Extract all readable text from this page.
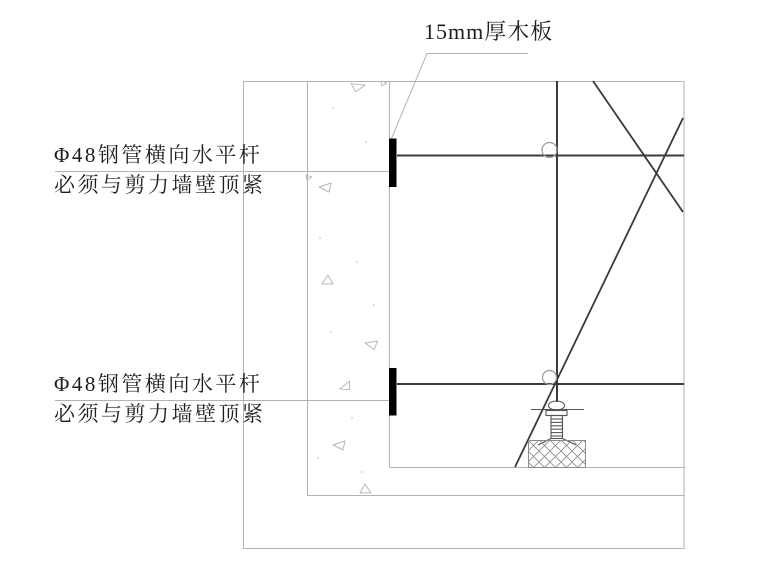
15mm厚木板
Φ48钢管横向水平杆
必须与剪力墙壁顶紧
Φ48钢管横向水平杆
必须与剪力墙壁顶紧
